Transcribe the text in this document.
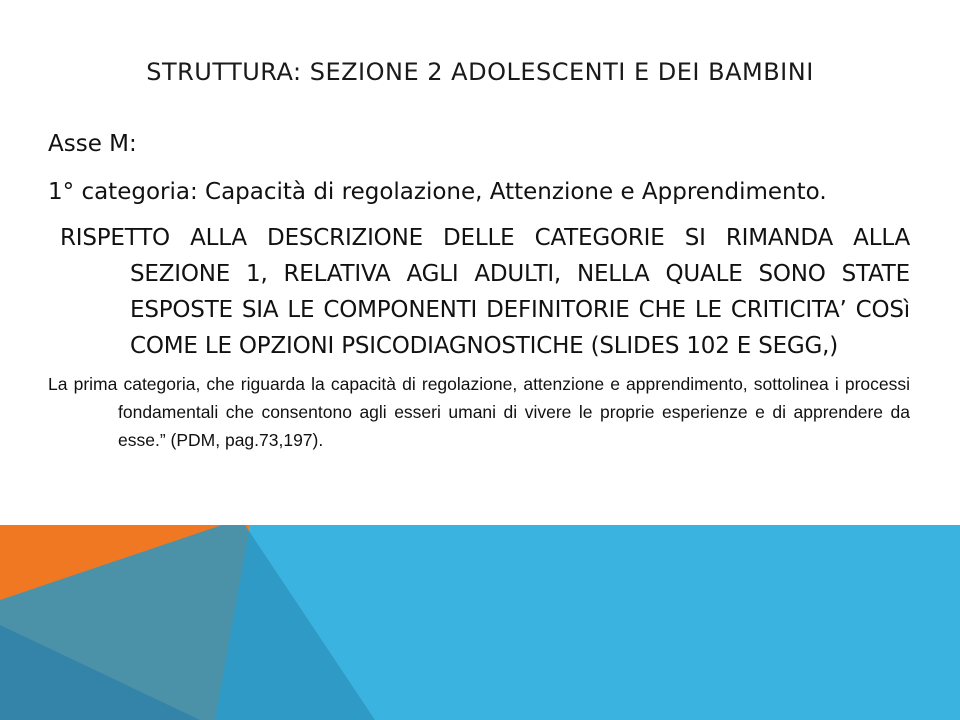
STRUTTURA: SEZIONE 2 ADOLESCENTI E DEI BAMBINI

Asse M:

1° categoria: Capacità di regolazione, Attenzione e Apprendimento.

RISPETTO ALLA DESCRIZIONE DELLE CATEGORIE SI RIMANDA ALLA SEZIONE 1, RELATIVA AGLI ADULTI, NELLA QUALE SONO STATE ESPOSTE SIA LE COMPONENTI DEFINITORIE CHE LE CRITICITA’ COSì COME LE OPZIONI PSICODIAGNOSTICHE (SLIDES 102 E SEGG,)

La prima categoria, che riguarda la capacità di regolazione, attenzione e apprendimento, sottolinea i processi fondamentali che consentono agli esseri umani di vivere le proprie esperienze e di apprendere da esse.” (PDM, pag.73,197).
